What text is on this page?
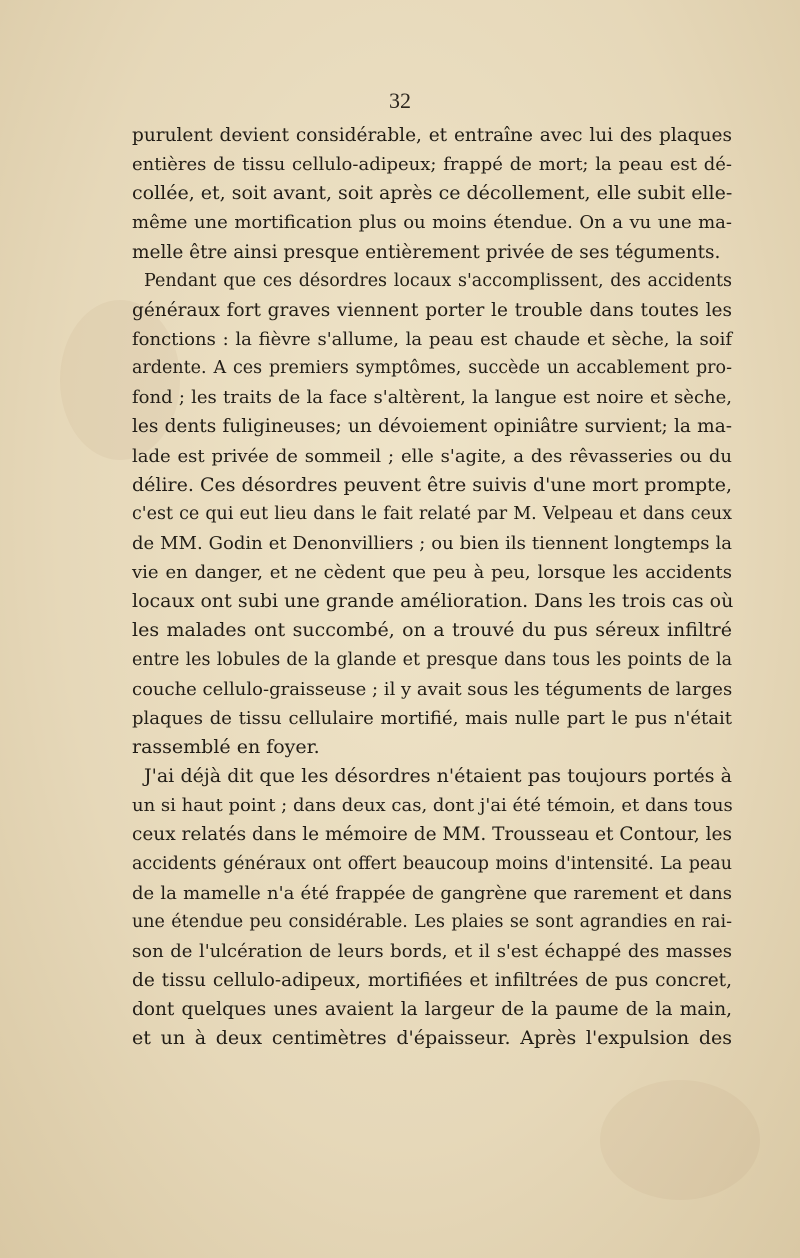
32
purulent devient considérable, et entraîne avec lui des plaques
entières de tissu cellulo-adipeux; frappé de mort; la peau est dé-
collée, et, soit avant, soit après ce décollement, elle subit elle-
même une mortification plus ou moins étendue. On a vu une ma-
melle être ainsi presque entièrement privée de ses téguments.
Pendant que ces désordres locaux s'accomplissent, des accidents
généraux fort graves viennent porter le trouble dans toutes les
fonctions : la fièvre s'allume, la peau est chaude et sèche, la soif
ardente. A ces premiers symptômes, succède un accablement pro-
fond ; les traits de la face s'altèrent, la langue est noire et sèche,
les dents fuligineuses; un dévoiement opiniâtre survient; la ma-
lade est privée de sommeil ; elle s'agite, a des rêvasseries ou du
délire. Ces désordres peuvent être suivis d'une mort prompte,
c'est ce qui eut lieu dans le fait relaté par M. Velpeau et dans ceux
de MM. Godin et Denonvilliers ; ou bien ils tiennent longtemps la
vie en danger, et ne cèdent que peu à peu, lorsque les accidents
locaux ont subi une grande amélioration. Dans les trois cas où
les malades ont succombé, on a trouvé du pus séreux infiltré
entre les lobules de la glande et presque dans tous les points de la
couche cellulo-graisseuse ; il y avait sous les téguments de larges
plaques de tissu cellulaire mortifié, mais nulle part le pus n'était
rassemblé en foyer.
J'ai déjà dit que les désordres n'étaient pas toujours portés à
un si haut point ; dans deux cas, dont j'ai été témoin, et dans tous
ceux relatés dans le mémoire de MM. Trousseau et Contour, les
accidents généraux ont offert beaucoup moins d'intensité. La peau
de la mamelle n'a été frappée de gangrène que rarement et dans
une étendue peu considérable. Les plaies se sont agrandies en rai-
son de l'ulcération de leurs bords, et il s'est échappé des masses
de tissu cellulo-adipeux, mortifiées et infiltrées de pus concret,
dont quelques unes avaient la largeur de la paume de la main,
et un à deux centimètres d'épaisseur. Après l'expulsion des
